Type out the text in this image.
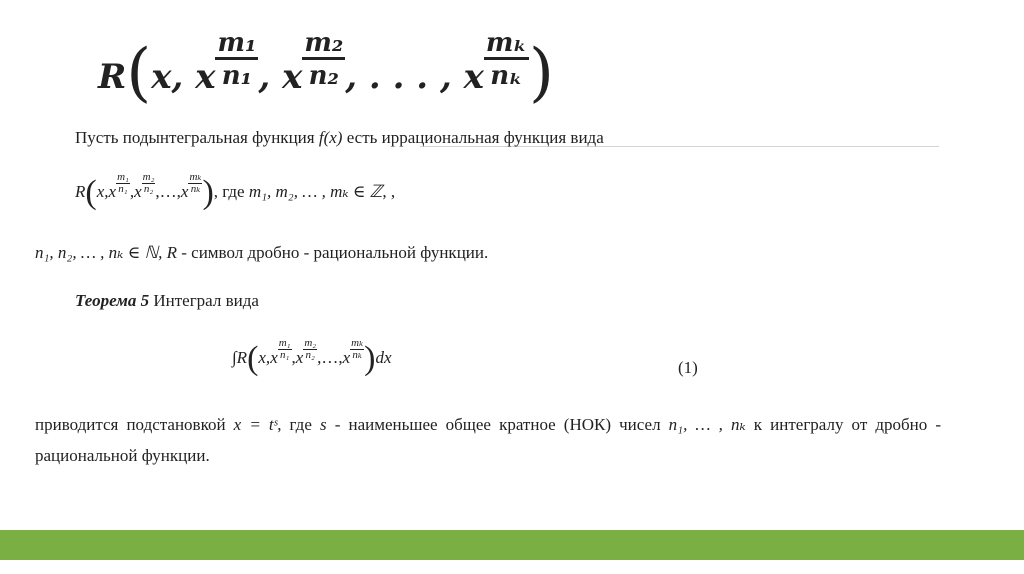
R(x, x $\frac{\text{m₁}}{\text{n₁}}$ , x $\frac{\text{m₂}}{\text{n₂}}$ , . . . , x $\frac{\text{mₖ}}{\text{nₖ}}$ )
Пусть подынтегральная функция f(x) есть иррациональная функция вида
$R(x,x \frac{\text{m₁}}{\text{n₁}} ,x \frac{\text{m₂}}{\text{n₂}}$ ,…,x $\frac{\text{mₖ}}{\text{nₖ}}$ ), где m₁, m₂, … , mₖ ∈ ℤ, ,
n₁, n₂, … , nₖ ∈ ℕ, R - символ дробно - рациональной функции.
Теорема 5 Интеграл вида
$\int R(x,x \frac{\text{m₁}}{\text{n₁}} ,x \frac{\text{m₂}}{\text{n₂}}$ ,…,x $\frac{\text{mₖ}}{\text{nₖ}} )dx$
(1)
приводится подстановкой x = tˢ, где s - наименьшее общее кратное (НОК) чисел n₁, … , nₖ к интегралу от дробно - рациональной функции.
